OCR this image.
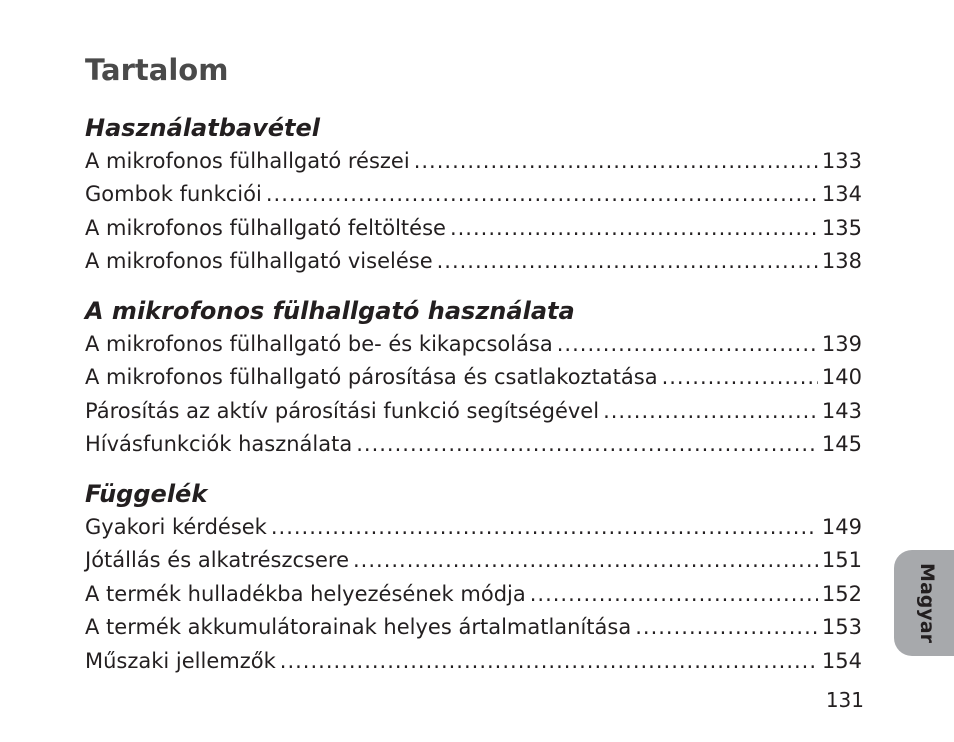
Tartalom
Használatbavétel
A mikrofonos fülhallgató részei .....	133
Gombok funkciói .....	134
A mikrofonos fülhallgató feltöltése .....	135
A mikrofonos fülhallgató viselése .....	138
A mikrofonos fülhallgató használata
A mikrofonos fülhallgató be- és kikapcsolása .....	139
A mikrofonos fülhallgató párosítása és csatlakoztatása .....	140
Párosítás az aktív párosítási funkció segítségével .....	143
Hívásfunkciók használata .....	145
Függelék
Gyakori kérdések .....	149
Jótállás és alkatrészcsere .....	151
A termék hulladékba helyezésének módja .....	152
A termék akkumulátorainak helyes ártalmatlanítása .....	153
Műszaki jellemzők .....	154
Magyar
131
